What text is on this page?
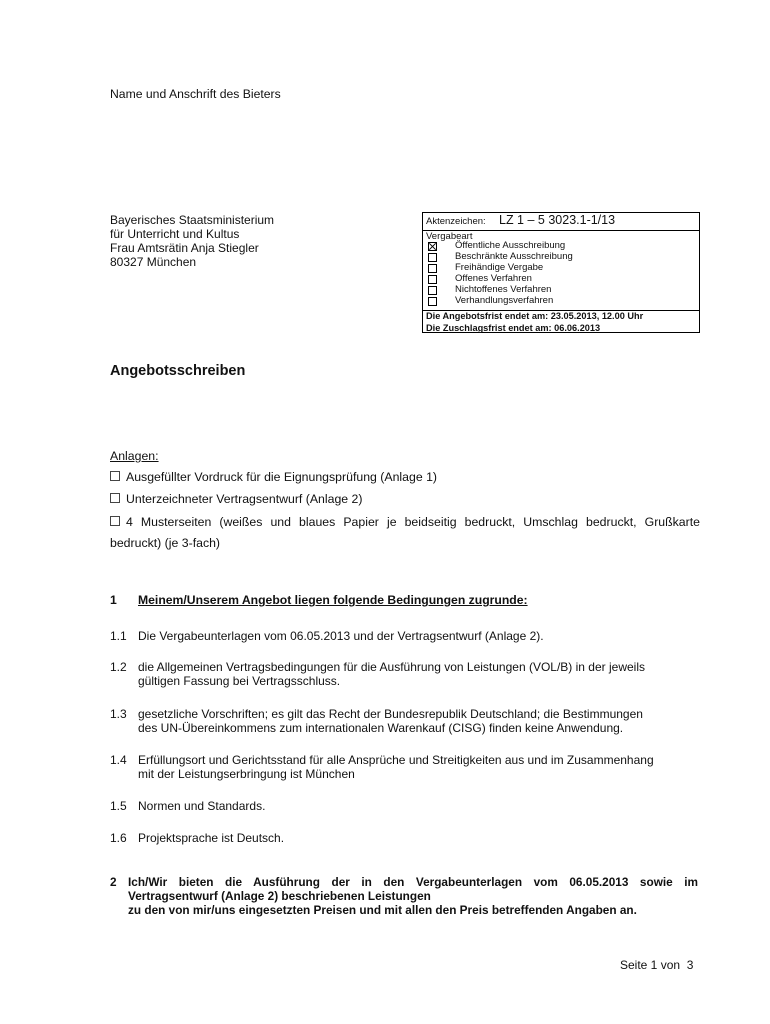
Name und Anschrift des Bieters
Bayerisches Staatsministerium
für Unterricht und Kultus
Frau Amtsrätin Anja Stiegler
80327 München
Aktenzeichen: LZ 1 – 5 3023.1-1/13
Vergabeart
Öffentliche Ausschreibung
Beschränkte Ausschreibung
Freihändige Vergabe
Offenes Verfahren
Nichtoffenes Verfahren
Verhandlungsverfahren
Die Angebotsfrist endet am: 23.05.2013, 12.00 Uhr
Die Zuschlagsfrist endet am: 06.06.2013
Angebotsschreiben
Anlagen:
Ausgefüllter Vordruck für die Eignungsprüfung (Anlage 1)
Unterzeichneter Vertragsentwurf (Anlage 2)
4 Musterseiten (weißes und blaues Papier je beidseitig bedruckt, Umschlag bedruckt, Grußkarte
bedruckt) (je 3-fach)
1 Meinem/Unserem Angebot liegen folgende Bedingungen zugrunde:
1.1 Die Vergabeunterlagen vom 06.05.2013 und der Vertragsentwurf (Anlage 2).
1.2 die Allgemeinen Vertragsbedingungen für die Ausführung von Leistungen (VOL/B) in der jeweils
gültigen Fassung bei Vertragsschluss.
1.3 gesetzliche Vorschriften; es gilt das Recht der Bundesrepublik Deutschland; die Bestimmungen
des UN-Übereinkommens zum internationalen Warenkauf (CISG) finden keine Anwendung.
1.4 Erfüllungsort und Gerichtsstand für alle Ansprüche und Streitigkeiten aus und im Zusammenhang
mit der Leistungserbringung ist München
1.5 Normen und Standards.
1.6 Projektsprache ist Deutsch.
2 Ich/Wir bieten die Ausführung der in den Vergabeunterlagen vom 06.05.2013 sowie im
Vertragsentwurf (Anlage 2) beschriebenen Leistungen
zu den von mir/uns eingesetzten Preisen und mit allen den Preis betreffenden Angaben an.
Seite 1 von  3
